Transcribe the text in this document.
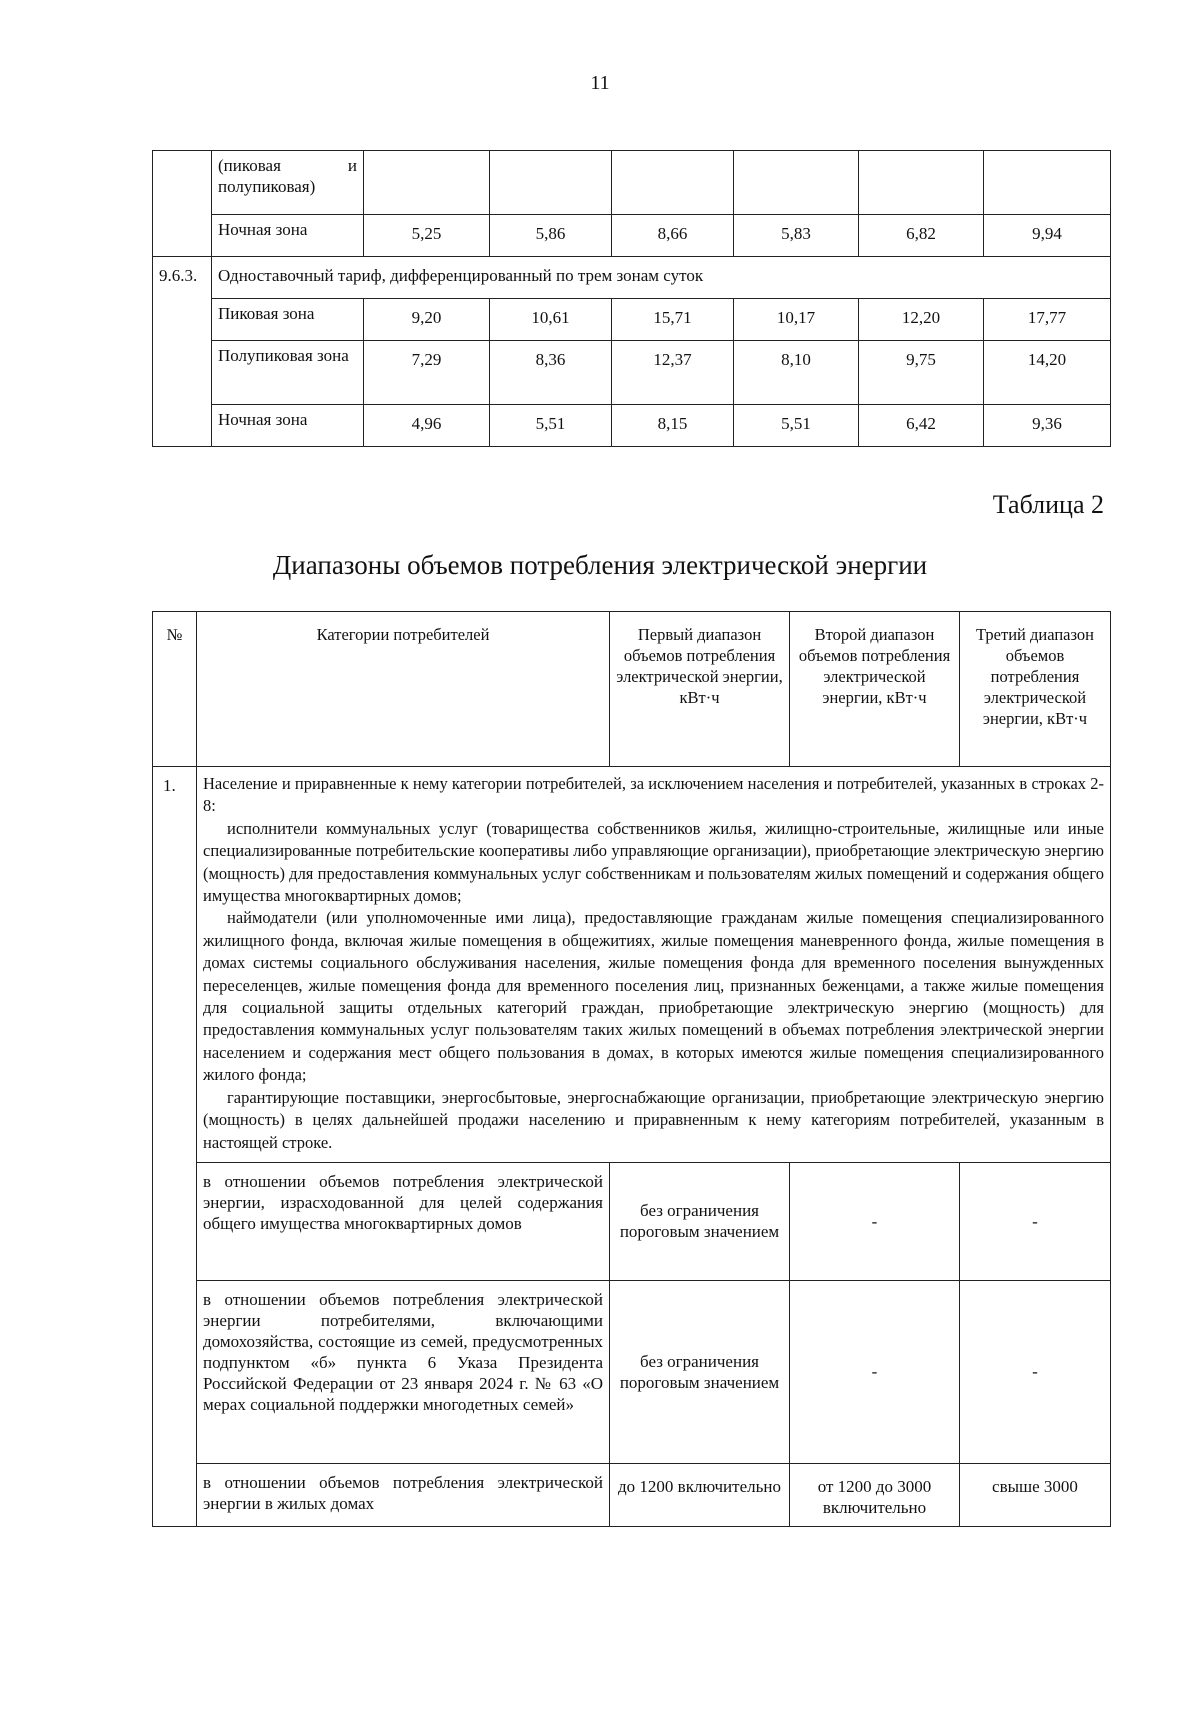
11
	(пиковая и полупиковая)						
	Ночная зона	5,25	5,86	8,66	5,83	6,82	9,94
9.6.3.	Одноставочный тариф, дифференцированный по трем зонам суток						
	Пиковая зона	9,20	10,61	15,71	10,17	12,20	17,77
	Полупиковая зона	7,29	8,36	12,37	8,10	9,75	14,20
	Ночная зона	4,96	5,51	8,15	5,51	6,42	9,36
Таблица 2
Диапазоны объемов потребления электрической энергии
№	Категории потребителей	Первый диапазон объемов потребления электрической энергии, кВт·ч	Второй диапазон объемов потребления электрической энергии, кВт·ч	Третий диапазон объемов потребления электрической энергии, кВт·ч
1.	Население и приравненные к нему категории потребителей, за исключением населения и потребителей, указанных в строках 2-8:
исполнители коммунальных услуг (товарищества собственников жилья, жилищно-строительные, жилищные или иные специализированные потребительские кооперативы либо управляющие организации), приобретающие электрическую энергию (мощность) для предоставления коммунальных услуг собственникам и пользователям жилых помещений и содержания общего имущества многоквартирных домов;
наймодатели (или уполномоченные ими лица), предоставляющие гражданам жилые помещения специализированного жилищного фонда, включая жилые помещения в общежитиях, жилые помещения маневренного фонда, жилые помещения в домах системы социального обслуживания населения, жилые помещения фонда для временного поселения вынужденных переселенцев, жилые помещения фонда для временного поселения лиц, признанных беженцами, а также жилые помещения для социальной защиты отдельных категорий граждан, приобретающие электрическую энергию (мощность) для предоставления коммунальных услуг пользователям таких жилых помещений в объемах потребления электрической энергии населением и содержания мест общего пользования в домах, в которых имеются жилые помещения специализированного жилого фонда;
гарантирующие поставщики, энергосбытовые, энергоснабжающие организации, приобретающие электрическую энергию (мощность) в целях дальнейшей продажи населению и приравненным к нему категориям потребителей, указанным в настоящей строке.			

	в отношении объемов потребления электрической энергии, израсходованной для целей содержания общего имущества многоквартирных домов	без ограничения пороговым значением	-	-
	в отношении объемов потребления электрической энергии потребителями, включающими домохозяйства, состоящие из семей, предусмотренных подпунктом «б» пункта 6 Указа Президента Российской Федерации от 23 января 2024 г. № 63 «О мерах социальной поддержки многодетных семей»	без ограничения пороговым значением	-	-
	в отношении объемов потребления электрической энергии в жилых домах	до 1200 включительно	от 1200 до 3000 включительно	свыше 3000
